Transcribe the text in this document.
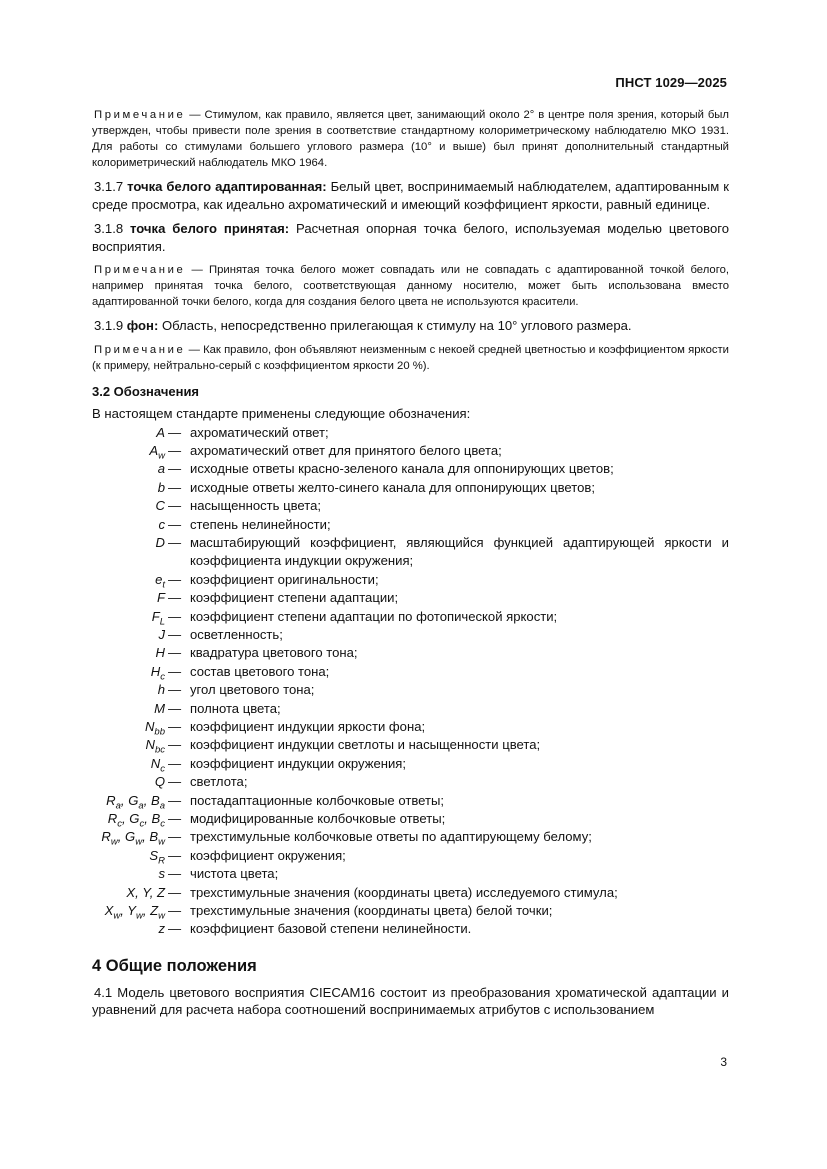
ПНСТ 1029—2025
Примечание — Стимулом, как правило, является цвет, занимающий около 2° в центре поля зрения, который был утвержден, чтобы привести поле зрения в соответствие стандартному колориметрическому наблюдателю МКО 1931. Для работы со стимулами большего углового размера (10° и выше) был принят дополнительный стандартный колориметрический наблюдатель МКО 1964.
3.1.7 точка белого адаптированная: Белый цвет, воспринимаемый наблюдателем, адаптированным к среде просмотра, как идеально ахроматический и имеющий коэффициент яркости, равный единице.
3.1.8 точка белого принятая: Расчетная опорная точка белого, используемая моделью цветового восприятия.
Примечание — Принятая точка белого может совпадать или не совпадать с адаптированной точкой белого, например принятая точка белого, соответствующая данному носителю, может быть использована вместо адаптированной точки белого, когда для создания белого цвета не используются красители.
3.1.9 фон: Область, непосредственно прилегающая к стимулу на 10° углового размера.
Примечание — Как правило, фон объявляют неизменным с некоей средней цветностью и коэффициентом яркости (к примеру, нейтрально-серый с коэффициентом яркости 20 %).
3.2 Обозначения
В настоящем стандарте применены следующие обозначения:
A — ахроматический ответ;
$A_w$ — ахроматический ответ для принятого белого цвета;
a — исходные ответы красно-зеленого канала для оппонирующих цветов;
b — исходные ответы желто-синего канала для оппонирующих цветов;
C — насыщенность цвета;
c — степень нелинейности;
D — масштабирующий коэффициент, являющийся функцией адаптирующей яркости и коэффициента индукции окружения;
$e_t$ — коэффициент оригинальности;
F — коэффициент степени адаптации;
$F_L$ — коэффициент степени адаптации по фотопической яркости;
J — осветленность;
H — квадратура цветового тона;
$H_c$ — состав цветового тона;
h — угол цветового тона;
M — полнота цвета;
$N_{bb}$ — коэффициент индукции яркости фона;
$N_{bc}$ — коэффициент индукции светлоты и насыщенности цвета;
$N_c$ — коэффициент индукции окружения;
Q — светлота;
$R_a$, $G_a$, $B_a$ — постадаптационные колбочковые ответы;
$R_c$, $G_c$, $B_c$ — модифицированные колбочковые ответы;
$R_w$, $G_w$, $B_w$ — трехстимульные колбочковые ответы по адаптирующему белому;
$S_R$ — коэффициент окружения;
s — чистота цвета;
X, Y, Z — трехстимульные значения (координаты цвета) исследуемого стимула;
$X_w$, $Y_w$, $Z_w$ — трехстимульные значения (координаты цвета) белой точки;
z — коэффициент базовой степени нелинейности.
4 Общие положения
4.1 Модель цветового восприятия CIECAM16 состоит из преобразования хроматической адаптации и уравнений для расчета набора соотношений воспринимаемых атрибутов с использованием
3
